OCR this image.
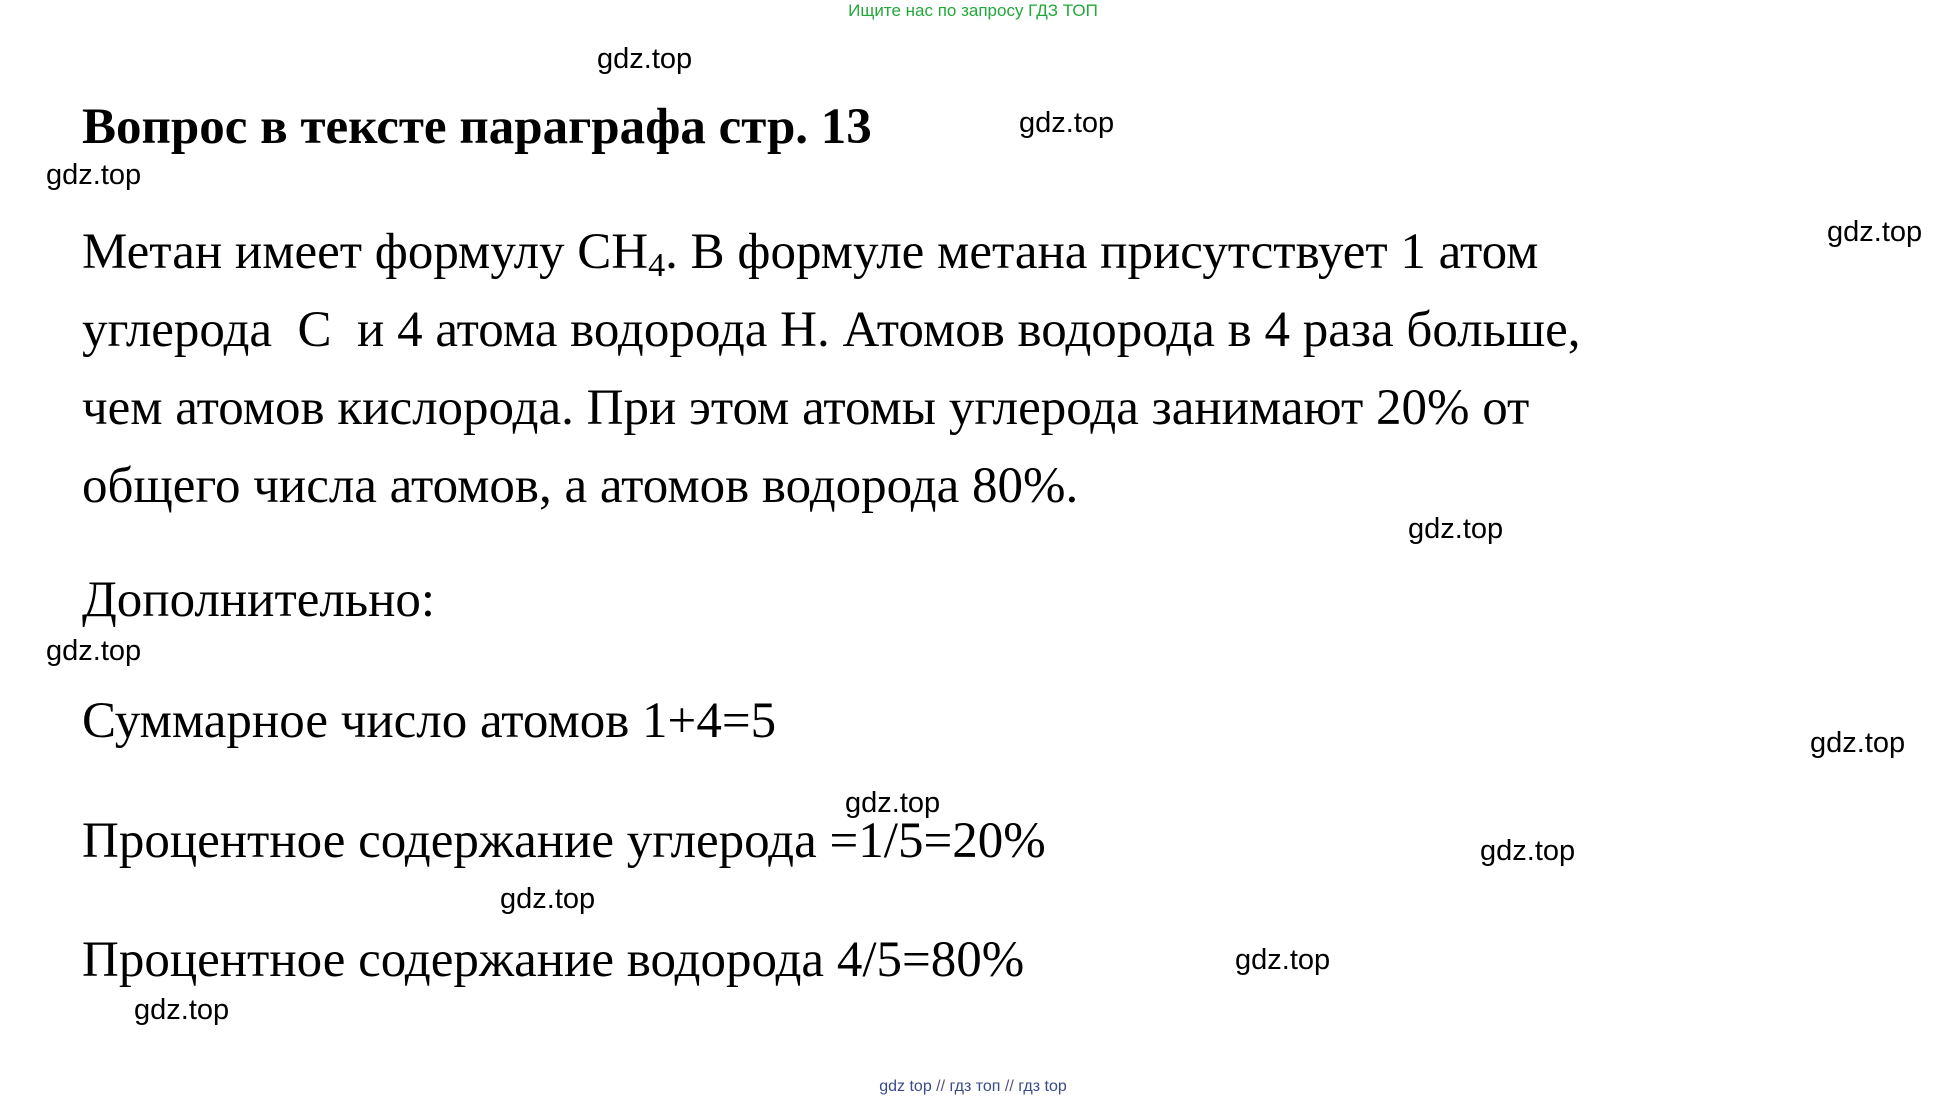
Ищите нас по запросу ГДЗ ТОП
Вопрос в тексте параграфа стр. 13
Метан имеет формулу $CH_4$. В формуле метана присутствует 1 атом
углерода  C  и 4 атома водорода H. Атомов водорода в 4 раза больше,
чем атомов кислорода. При этом атомы углерода занимают 20% от
общего числа атомов, а атомов водорода 80%.
Дополнительно:
Суммарное число атомов 1+4=5
Процентное содержание углерода =1/5=20%
Процентное содержание водорода 4/5=80%
gdz.top
gdz.top
gdz.top
gdz.top
gdz.top
gdz.top
gdz.top
gdz.top
gdz.top
gdz.top
gdz.top
gdz.top
gdz top // гдз топ // гдз top
